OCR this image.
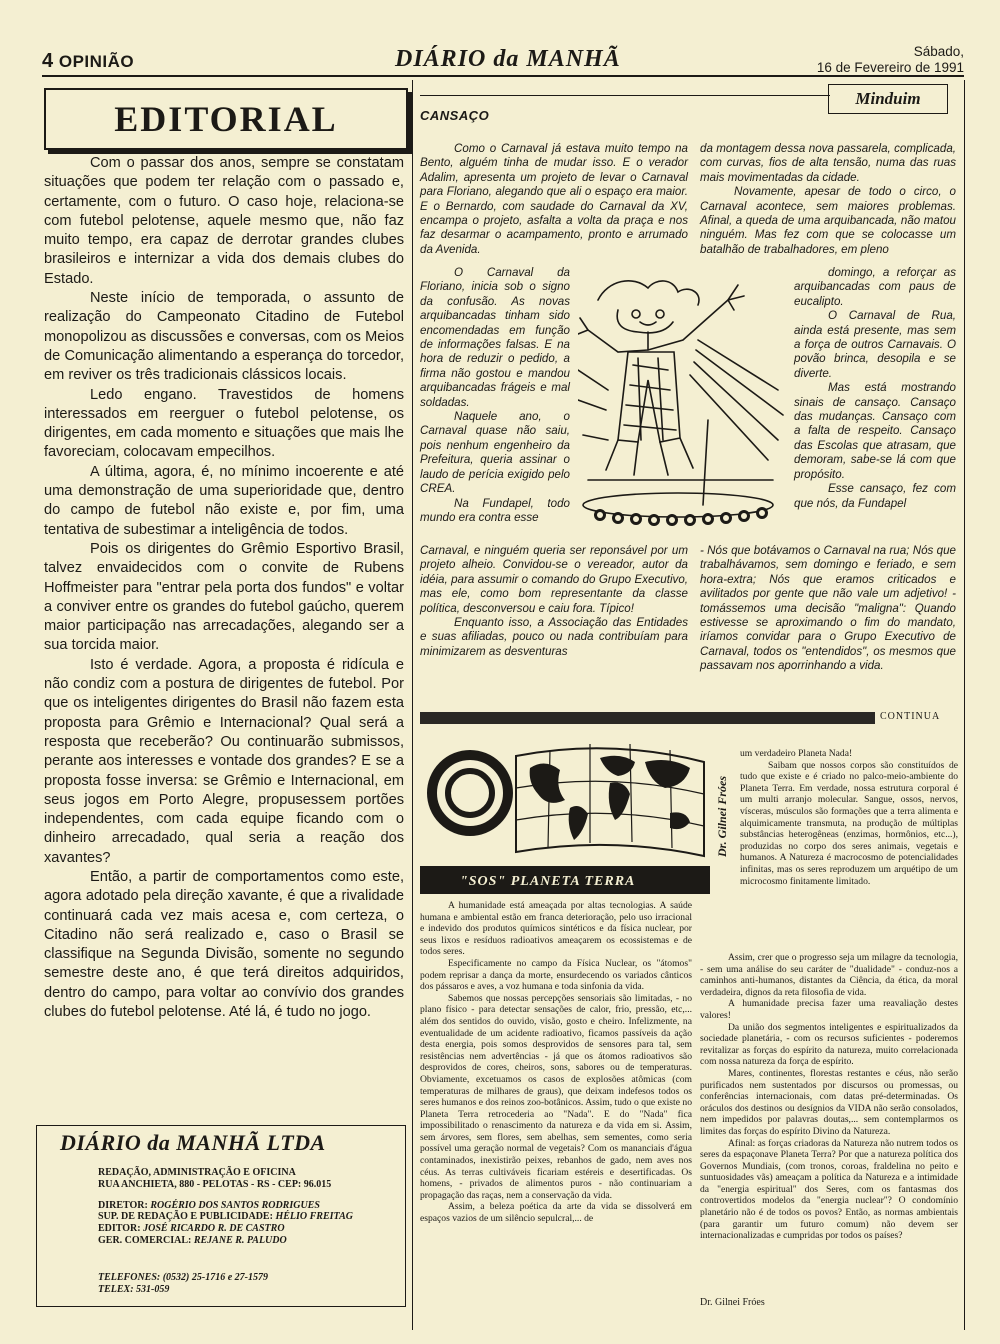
4 OPINIÃO	DIÁRIO da MANHÃ	Sábado,
16 de Fevereiro de 1991
EDITORIAL

Com o passar dos anos, sempre se constatam situações que podem ter relação com o passado e, certamente, com o futuro. O caso hoje, relaciona-se com futebol pelotense, aquele mesmo que, não faz muito tempo, era capaz de derrotar grandes clubes brasileiros e internizar a vida dos demais clubes do Estado.

Neste início de temporada, o assunto de realização do Campeonato Citadino de Futebol monopolizou as discussões e conversas, com os Meios de Comunicação alimentando a esperança do torcedor, em reviver os três tradicionais clássicos locais.

Ledo engano. Travestidos de homens interessados em reerguer o futebol pelotense, os dirigentes, em cada momento e situações que mais lhe favoreciam, colocavam empecilhos.

A última, agora, é, no mínimo incoerente e até uma demonstração de uma superioridade que, dentro do campo de futebol não existe e, por fim, uma tentativa de subestimar a inteligência de todos.

Pois os dirigentes do Grêmio Esportivo Brasil, talvez envaidecidos com o convite de Rubens Hoffmeister para "entrar pela porta dos fundos" e voltar a conviver entre os grandes do futebol gaúcho, querem maior participação nas arrecadações, alegando ser a sua torcida maior.

Isto é verdade. Agora, a proposta é ridícula e não condiz com a postura de dirigentes de futebol. Por que os inteligentes dirigentes do Brasil não fazem esta proposta para Grêmio e Internacional? Qual será a resposta que receberão? Ou continuarão submissos, perante aos interesses e vontade dos grandes? E se a proposta fosse inversa: se Grêmio e Internacional, em seus jogos em Porto Alegre, propusessem portões independentes, com cada equipe ficando com o dinheiro arrecadado, qual seria a reação dos xavantes?

Então, a partir de comportamentos como este, agora adotado pela direção xavante, é que a rivalidade continuará cada vez mais acesa e, com certeza, o Citadino não será realizado e, caso o Brasil se classifique na Segunda Divisão, somente no segundo semestre deste ano, é que terá direitos adquiridos, dentro do campo, para voltar ao convívio dos grandes clubes do futebol pelotense. Até lá, é tudo no jogo.

DIÁRIO da MANHÃ LTDA
REDAÇÃO, ADMINISTRAÇÃO E OFICINA
RUA ANCHIETA, 880 - PELOTAS - RS - CEP: 96.015
DIRETOR: ROGÉRIO DOS SANTOS RODRIGUES
SUP. DE REDAÇÃO E PUBLICIDADE: HÉLIO FREITAG
EDITOR: JOSÉ RICARDO R. DE CASTRO
GER. COMERCIAL: REJANE R. PALUDO
TELEFONES: (0532) 25-1716 e 27-1579
TELEX: 531-059
Minduim
CANSAÇO

Como o Carnaval já estava muito tempo na Bento, alguém tinha de mudar isso. E o verador Adalim, apresenta um projeto de levar o Carnaval para Floriano, alegando que ali o espaço era maior. E o Bernardo, com saudade do Carnaval da XV, encampa o projeto, asfalta a volta da praça e nos faz desarmar o acampamento, pronto e arrumado da Avenida.

da montagem dessa nova passarela, complicada, com curvas, fios de alta tensão, numa das ruas mais movimentadas da cidade.

Novamente, apesar de todo o circo, o Carnaval acontece, sem maiores problemas. Afinal, a queda de uma arquibancada, não matou ninguém. Mas fez com que se colocasse um batalhão de trabalhadores, em pleno

O Carnaval da Floriano, inicia sob o signo da confusão. As novas arquibancadas tinham sido encomendadas em função de informações falsas. E na hora de reduzir o pedido, a firma não gostou e mandou arquibancadas frágeis e mal soldadas.

Naquele ano, o Carnaval quase não saiu, pois nenhum engenheiro da Prefeitura, queria assinar o laudo de perícia exigido pelo CREA.

Na Fundapel, todo mundo era contra esse

domingo, a reforçar as arquibancadas com paus de eucalipto.

O Carnaval de Rua, ainda está presente, mas sem a força de outros Carnavais. O povão brinca, desopila e se diverte.

Mas está mostrando sinais de cansaço. Cansaço das mudanças. Cansaço com a falta de respeito. Cansaço das Escolas que atrasam, que demoram, sabe-se lá com que propósito.

Esse cansaço, fez com que nós, da Fundapel

Carnaval, e ninguém queria ser reponsável por um projeto alheio. Convidou-se o vereador, autor da idéia, para assumir o comando do Grupo Executivo, mas ele, como bom representante da classe política, desconversou e caiu fora. Típico!

Enquanto isso, a Associação das Entidades e suas afiliadas, pouco ou nada contribuíam para minimizarem as desventuras

- Nós que botávamos o Carnaval na rua; Nós que trabalhávamos, sem domingo e feriado, e sem hora-extra; Nós que eramos criticados e avilitados por gente que não vale um adjetivo! - tomássemos uma decisão "maligna": Quando estivesse se aproximando o fim do mandato, iríamos convidar para o Grupo Executivo de Carnaval, todos os "entendidos", os mesmos que passavam nos aporrinhando a vida.

CONTINUA
"SOS" PLANETA TERRA
Dr. Gilnei Fróes

A humanidade está ameaçada por altas tecnologias. A saúde humana e ambiental estão em franca deterioração, pelo uso irracional e indevido dos produtos químicos sintéticos e da física nuclear, por seus lixos e resíduos radioativos ameaçarem os ecossistemas e de todos seres.

Especificamente no campo da Física Nuclear, os "átomos" podem reprisar a dança da morte, ensurdecendo os variados cânticos dos pássaros e aves, a voz humana e toda sinfonia da vida.

Sabemos que nossas percepções sensoriais são limitadas, - no plano físico - para detectar sensações de calor, frio, pressão, etc,... além dos sentidos do ouvido, visão, gosto e cheiro. Infelizmente, na eventualidade de um acidente radioativo, ficamos passíveis da ação desta energia, pois somos desprovidos de sensores para tal, sem resistências nem advertências - já que os átomos radioativos são desprovidos de cores, cheiros, sons, sabores ou de temperaturas. Obviamente, excetuamos os casos de explosões atômicas (com temperaturas de milhares de graus), que deixam indefesos todos os seres humanos e dos reinos zoo-botânicos. Assim, tudo o que existe no Planeta Terra retrocederia ao "Nada". E do "Nada" fica impossibilitado o renascimento da natureza e da vida em si. Assim, sem árvores, sem flores, sem abelhas, sem sementes, como seria possível uma geração normal de vegetais? Com os mananciais d'água contaminados, inexistirão peixes, rebanhos de gado, nem aves nos céus. As terras cultiváveis ficariam estéreis e desertificadas. Os homens, - privados de alimentos puros - não continuariam a propagação das raças, nem a conservação da vida.

Assim, a beleza poética da arte da vida se dissolverá em espaços vazios de um silêncio sepulcral,... de

um verdadeiro Planeta Nada!

Saibam que nossos corpos são constituídos de tudo que existe e é criado no palco-meio-ambiente do Planeta Terra. Em verdade, nossa estrutura corporal é um multi arranjo molecular. Sangue, ossos, nervos, vísceras, músculos são formações que a terra alimenta e alquimicamente transmuta, na produção de múltiplas substâncias heterogêneas (enzimas, hormônios, etc...), produzidas no corpo dos seres animais, vegetais e humanos. A Natureza é macrocosmo de potencialidades infinitas, mas os seres reproduzem um arquétipo de um microcosmo finitamente limitado.

Assim, crer que o progresso seja um milagre da tecnologia, - sem uma análise do seu caráter de "dualidade" - conduz-nos a caminhos anti-humanos, distantes da Ciência, da ética, da moral verdadeira, dignos da reta filosofia de vida.

A humanidade precisa fazer uma reavaliação destes valores!

Da união dos segmentos inteligentes e espiritualizados da sociedade planetária, - com os recursos suficientes - poderemos revitalizar as forças do espírito da natureza, muito correlacionada com nossa natureza da força de espírito.

Mares, continentes, florestas restantes e céus, não serão purificados nem sustentados por discursos ou promessas, ou conferências internacionais, com datas pré-determinadas. Os oráculos dos destinos ou desígnios da VIDA não serão consolados, nem impedidos por palavras doutas,... sem contemplarmos os limites das forças do espírito Divino da Natureza.

Afinal: as forças criadoras da Natureza não nutrem todos os seres da espaçonave Planeta Terra? Por que a natureza política dos Governos Mundiais, (com tronos, coroas, fraldelina no peito e suntuosidades vãs) ameaçam a política da Natureza e a intimidade da "energia espiritual" dos Seres, com os fantasmas dos controvertidos modelos da "energia nuclear"? O condomínio planetário não é de todos os povos? Então, as normas ambientais (para garantir um futuro comum) não devem ser internacionalizadas e cumpridas por todos os países?

Dr. Gilnei Fróes
